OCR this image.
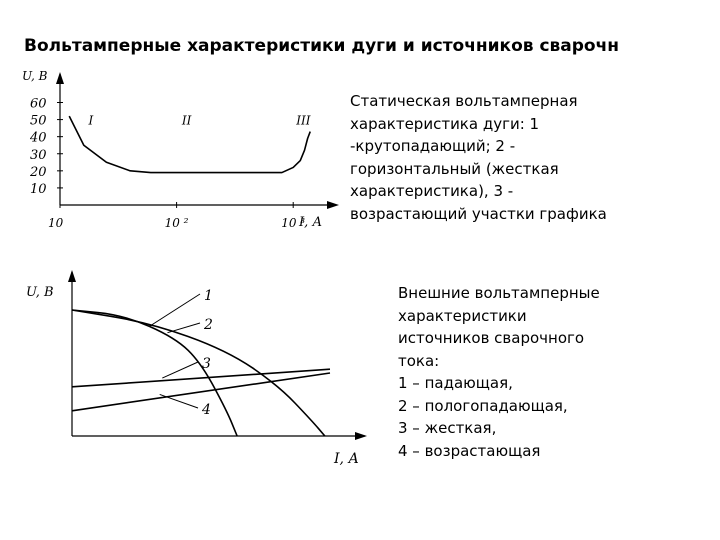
Вольтамперные характеристики дуги и источников сварочн
U, В
I, А
10
20
30
40
50
60
10	10 ²	10 ³
I	II	III
U, В
I, А
1
2
3
4
Статическая вольтамперная
характеристика дуги: 1
-крутопадающий; 2 -
горизонтальный (жесткая
характеристика), 3 -
возрастающий участки графика
Внешние вольтамперные
характеристики
источников сварочного
тока:
1 – падающая,
2 – пологопадающая,
3 – жесткая,
4 – возрастающая
